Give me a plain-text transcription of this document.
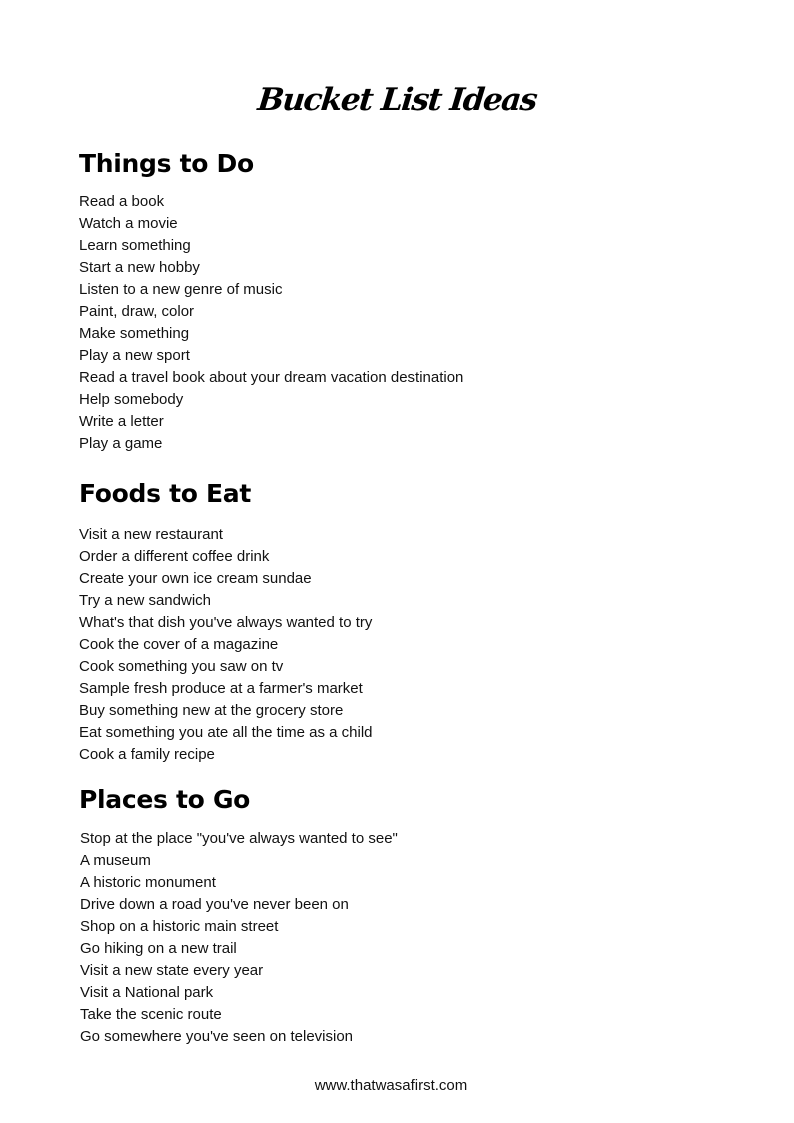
Bucket List Ideas
Things to Do
Read a book
Watch a movie
Learn something
Start a new hobby
Listen to a new genre of music
Paint, draw, color
Make something
Play a new sport
Read a travel book about your dream vacation destination
Help somebody
Write a letter
Play a game
Foods to Eat
Visit a new restaurant
Order a different coffee drink
Create your own ice cream sundae
Try a new sandwich
What's that dish you've always wanted to try
Cook the cover of a magazine
Cook something you saw on tv
Sample fresh produce at a farmer's market
Buy something new at the grocery store
Eat something you ate all the time as a child
Cook a family recipe
Places to Go
Stop at the place "you've always wanted to see"
A museum
A historic monument
Drive down a road you've never been on
Shop on a historic main street
Go hiking on a new trail
Visit a new state every year
Visit a National park
Take the scenic route
Go somewhere you've seen on television
www.thatwasafirst.com
